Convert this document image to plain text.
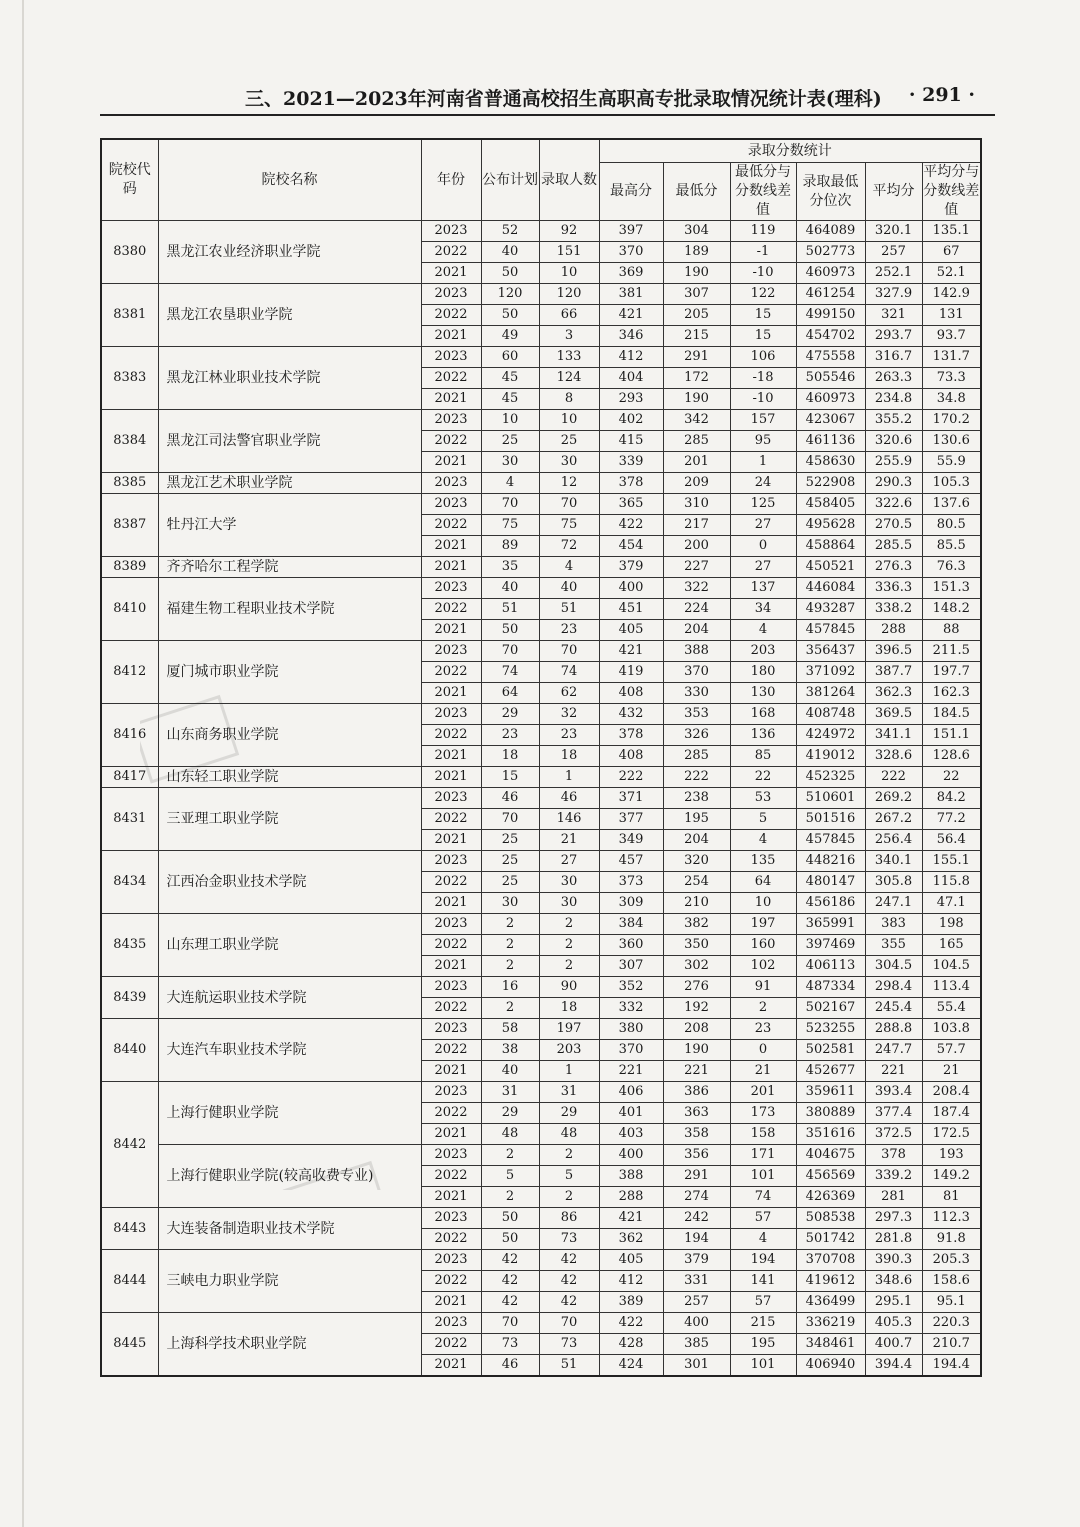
三、2021—2023年河南省普通高校招生高职高专批录取情况统计表(理科) · 291 ·
院校代码	院校名称	年份	公布计划	录取人数	录取分数统计					
					最高分	最低分	最低分与分数线差值	录取最低分位次	平均分	平均分与分数线差值
8380	黑龙江农业经济职业学院	2023	52	92	397	304	119	464089	320.1	135.1
		2022	40	151	370	189	-1	502773	257	67
		2021	50	10	369	190	-10	460973	252.1	52.1
8381	黑龙江农垦职业学院	2023	120	120	381	307	122	461254	327.9	142.9
		2022	50	66	421	205	15	499150	321	131
		2021	49	3	346	215	15	454702	293.7	93.7
8383	黑龙江林业职业技术学院	2023	60	133	412	291	106	475558	316.7	131.7
		2022	45	124	404	172	-18	505546	263.3	73.3
		2021	45	8	293	190	-10	460973	234.8	34.8
8384	黑龙江司法警官职业学院	2023	10	10	402	342	157	423067	355.2	170.2
		2022	25	25	415	285	95	461136	320.6	130.6
		2021	30	30	339	201	1	458630	255.9	55.9
8385	黑龙江艺术职业学院	2023	4	12	378	209	24	522908	290.3	105.3
8387	牡丹江大学	2023	70	70	365	310	125	458405	322.6	137.6
		2022	75	75	422	217	27	495628	270.5	80.5
		2021	89	72	454	200	0	458864	285.5	85.5
8389	齐齐哈尔工程学院	2021	35	4	379	227	27	450521	276.3	76.3
8410	福建生物工程职业技术学院	2023	40	40	400	322	137	446084	336.3	151.3
		2022	51	51	451	224	34	493287	338.2	148.2
		2021	50	23	405	204	4	457845	288	88
8412	厦门城市职业学院	2023	70	70	421	388	203	356437	396.5	211.5
		2022	74	74	419	370	180	371092	387.7	197.7
		2021	64	62	408	330	130	381264	362.3	162.3
8416	山东商务职业学院	2023	29	32	432	353	168	408748	369.5	184.5
		2022	23	23	378	326	136	424972	341.1	151.1
		2021	18	18	408	285	85	419012	328.6	128.6
8417	山东轻工职业学院	2021	15	1	222	222	22	452325	222	22
8431	三亚理工职业学院	2023	46	46	371	238	53	510601	269.2	84.2
		2022	70	146	377	195	5	501516	267.2	77.2
		2021	25	21	349	204	4	457845	256.4	56.4
8434	江西冶金职业技术学院	2023	25	27	457	320	135	448216	340.1	155.1
		2022	25	30	373	254	64	480147	305.8	115.8
		2021	30	30	309	210	10	456186	247.1	47.1
8435	山东理工职业学院	2023	2	2	384	382	197	365991	383	198
		2022	2	2	360	350	160	397469	355	165
		2021	2	2	307	302	102	406113	304.5	104.5
8439	大连航运职业技术学院	2023	16	90	352	276	91	487334	298.4	113.4
		2022	2	18	332	192	2	502167	245.4	55.4
8440	大连汽车职业技术学院	2023	58	197	380	208	23	523255	288.8	103.8
		2022	38	203	370	190	0	502581	247.7	57.7
		2021	40	1	221	221	21	452677	221	21
8442	上海行健职业学院	2023	31	31	406	386	201	359611	393.4	208.4
		2022	29	29	401	363	173	380889	377.4	187.4
		2021	48	48	403	358	158	351616	372.5	172.5
	上海行健职业学院(较高收费专业)	2023	2	2	400	356	171	404675	378	193
		2022	5	5	388	291	101	456569	339.2	149.2
		2021	2	2	288	274	74	426369	281	81
8443	大连装备制造职业技术学院	2023	50	86	421	242	57	508538	297.3	112.3
		2022	50	73	362	194	4	501742	281.8	91.8
8444	三峡电力职业学院	2023	42	42	405	379	194	370708	390.3	205.3
		2022	42	42	412	331	141	419612	348.6	158.6
		2021	42	42	389	257	57	436499	295.1	95.1
8445	上海科学技术职业学院	2023	70	70	422	400	215	336219	405.3	220.3
		2022	73	73	428	385	195	348461	400.7	210.7
		2021	46	51	424	301	101	406940	394.4	194.4
